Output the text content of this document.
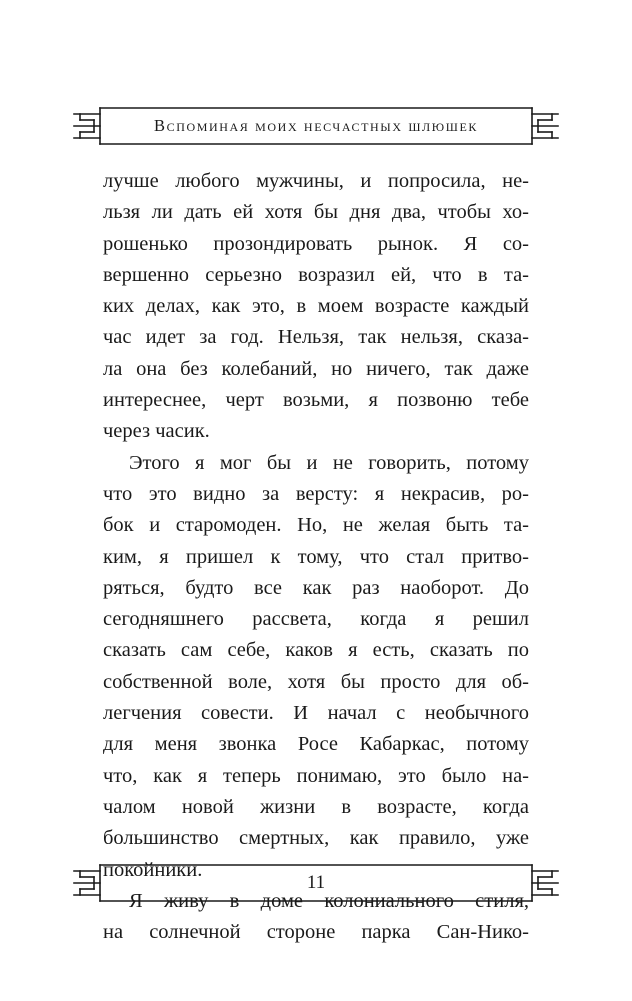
Вспоминая моих несчастных шлюшек
лучше любого мужчины, и попросила, не-
льзя ли дать ей хотя бы дня два, чтобы хо-
рошенько прозондировать рынок. Я со-
вершенно серьезно возразил ей, что в та-
ких делах, как это, в моем возрасте каждый
час идет за год. Нельзя, так нельзя, сказа-
ла она без колебаний, но ничего, так даже
интереснее, черт возьми, я позвоню тебе
через часик.
Этого я мог бы и не говорить, потому
что это видно за версту: я некрасив, ро-
бок и старомоден. Но, не желая быть та-
ким, я пришел к тому, что стал притво-
ряться, будто все как раз наоборот. До
сегодняшнего рассвета, когда я решил
сказать сам себе, каков я есть, сказать по
собственной воле, хотя бы просто для об-
легчения совести. И начал с необычного
для меня звонка Росе Кабаркас, потому
что, как я теперь понимаю, это было на-
чалом новой жизни в возрасте, когда
большинство смертных, как правило, уже
покойники.
Я живу в доме колониального стиля,
на солнечной стороне парка Сан-Нико-
11
